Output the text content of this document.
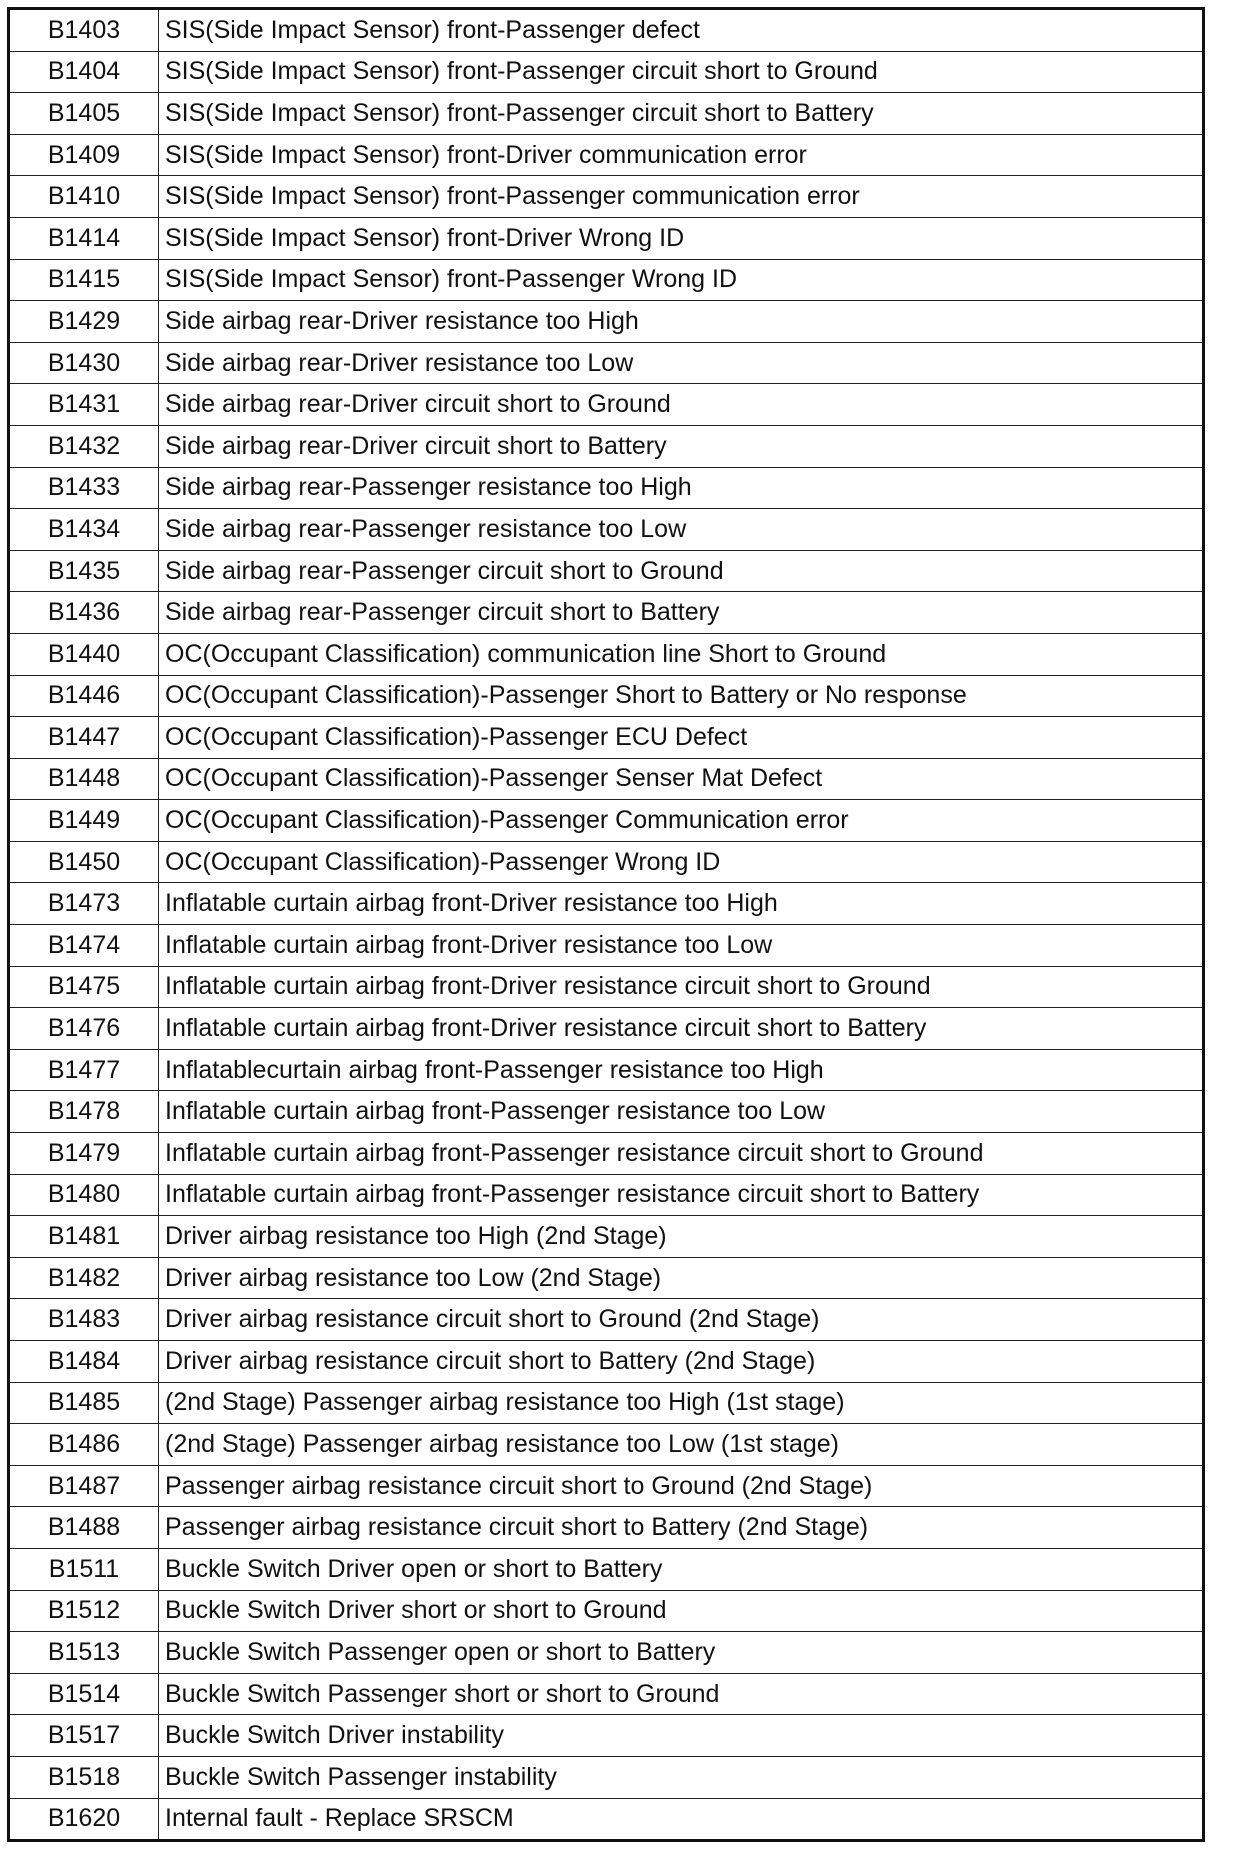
B1403	SIS(Side Impact Sensor) front-Passenger defect
B1404	SIS(Side Impact Sensor) front-Passenger circuit short to Ground
B1405	SIS(Side Impact Sensor) front-Passenger circuit short to Battery
B1409	SIS(Side Impact Sensor) front-Driver communication error
B1410	SIS(Side Impact Sensor) front-Passenger communication error
B1414	SIS(Side Impact Sensor) front-Driver Wrong ID
B1415	SIS(Side Impact Sensor) front-Passenger Wrong ID
B1429	Side airbag rear-Driver resistance too High
B1430	Side airbag rear-Driver resistance too Low
B1431	Side airbag rear-Driver circuit short to Ground
B1432	Side airbag rear-Driver circuit short to Battery
B1433	Side airbag rear-Passenger resistance too High
B1434	Side airbag rear-Passenger resistance too Low
B1435	Side airbag rear-Passenger circuit short to Ground
B1436	Side airbag rear-Passenger circuit short to Battery
B1440	OC(Occupant Classification) communication line Short to Ground
B1446	OC(Occupant Classification)-Passenger Short to Battery or No response
B1447	OC(Occupant Classification)-Passenger ECU Defect
B1448	OC(Occupant Classification)-Passenger Senser Mat Defect
B1449	OC(Occupant Classification)-Passenger Communication error
B1450	OC(Occupant Classification)-Passenger Wrong ID
B1473	Inflatable curtain airbag front-Driver resistance too High
B1474	Inflatable curtain airbag front-Driver resistance too Low
B1475	Inflatable curtain airbag front-Driver resistance circuit short to Ground
B1476	Inflatable curtain airbag front-Driver resistance circuit short to Battery
B1477	Inflatablecurtain airbag front-Passenger resistance too High
B1478	Inflatable curtain airbag front-Passenger resistance too Low
B1479	Inflatable curtain airbag front-Passenger resistance circuit short to Ground
B1480	Inflatable curtain airbag front-Passenger resistance circuit short to Battery
B1481	Driver airbag resistance too High (2nd Stage)
B1482	Driver airbag resistance too Low (2nd Stage)
B1483	Driver airbag resistance circuit short to Ground (2nd Stage)
B1484	Driver airbag resistance circuit short to Battery (2nd Stage)
B1485	(2nd Stage) Passenger airbag resistance too High (1st stage)
B1486	(2nd Stage) Passenger airbag resistance too Low (1st stage)
B1487	Passenger airbag resistance circuit short to Ground (2nd Stage)
B1488	Passenger airbag resistance circuit short to Battery (2nd Stage)
B1511	Buckle Switch Driver open or short to Battery
B1512	Buckle Switch Driver short or short to Ground
B1513	Buckle Switch Passenger open or short to Battery
B1514	Buckle Switch Passenger short or short to Ground
B1517	Buckle Switch Driver instability
B1518	Buckle Switch Passenger instability
B1620	Internal fault - Replace SRSCM
